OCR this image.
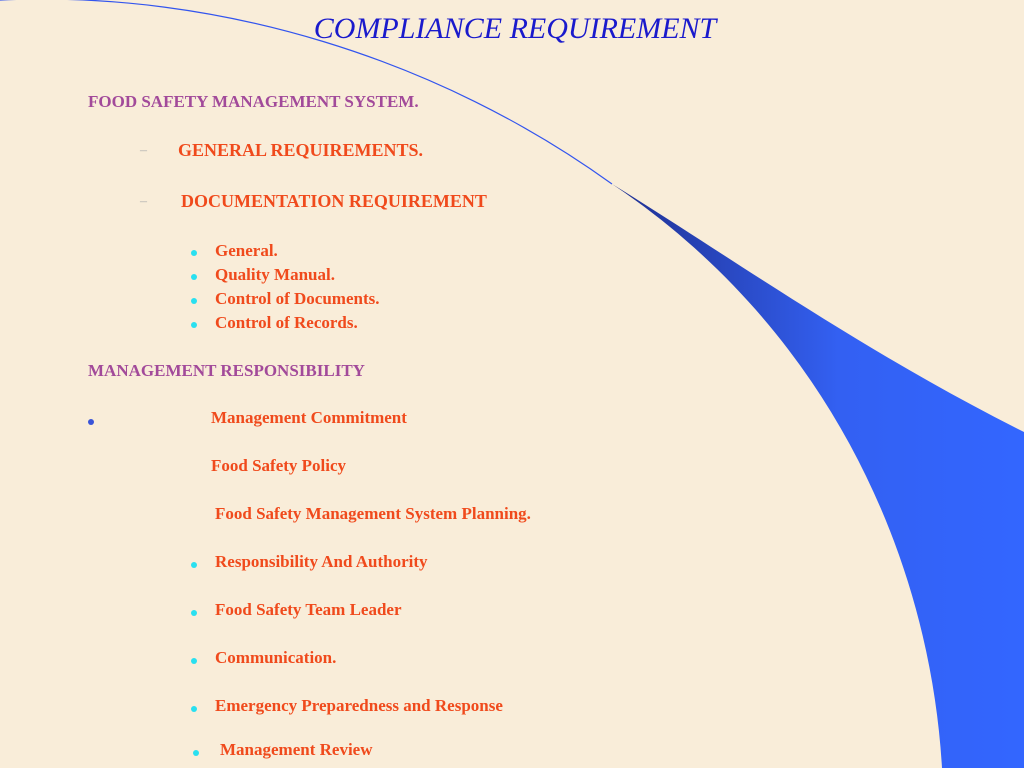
COMPLIANCE REQUIREMENT
FOOD SAFETY MANAGEMENT SYSTEM.
– GENERAL REQUIREMENTS.
– DOCUMENTATION REQUIREMENT
General.
Quality Manual.
Control of Documents.
Control of Records.
MANAGEMENT RESPONSIBILITY
Management Commitment
Food Safety Policy
Food Safety Management System Planning.
Responsibility And Authority
Food Safety Team Leader
Communication.
Emergency Preparedness and Response
Management Review
